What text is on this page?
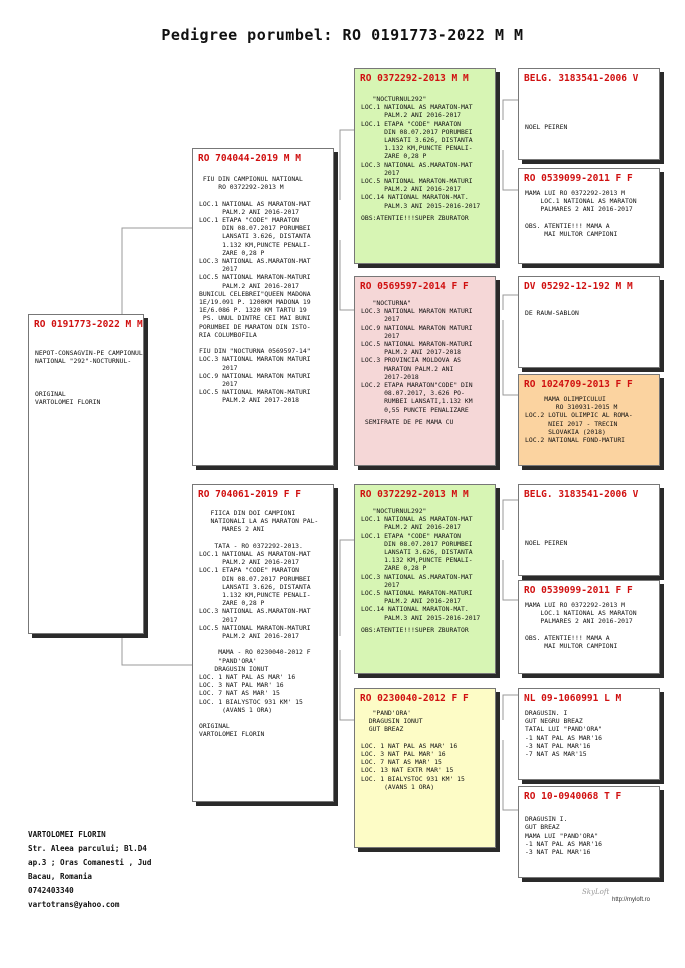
Pedigree porumbel: RO 0191773-2022 M M
RO 0191773-2022 M M
NEPOT-CONSAGVIN-PE CAMPIONUL
NATIONAL "292"-NOCTURNUL-

ORIGINAL
VARTOLOMEI FLORIN
RO 704044-2019 M M
FIU DIN CAMPIONUL NATIONAL
RO 0372292-2013 M

LOC.1 NATIONAL AS MARATON-MAT
PALM.2 ANI 2016-2017
LOC.1 ETAPA "CODE" MARATON
DIN 08.07.2017 PORUMBEI
LANSATI 3.626, DISTANTA
1.132 KM,PUNCTE PENALI-
ZARE 0,28 P
LOC.3 NATIONAL AS.MARATON-MAT
2017
LOC.5 NATIONAL MARATON-MATURI
PALM.2 ANI 2016-2017
BUNICUL CELEBREI"QUEEN MADONA
1E/19.091 P. 1200KM MADONA 19
1E/6.086 P. 1320 KM TARTU 19
PS. UNUL DINTRE CEI MAI BUNI
PORUMBEI DE MARATON DIN ISTO-
RIA COLUMBOFILA

FIU DIN "NOCTURNA 0569597-14"
LOC.3 NATIONAL MARATON MATURI
2017
LOC.9 NATIONAL MARATON MATURI
2017
LOC.5 NATIONAL MARATON-MATURI
PALM.2 ANI 2017-2018
RO 704061-2019 F F
FIICA DIN DOI CAMPIONI
NATIONALI LA AS MARATON PAL-
MARES 2 ANI

TATA - RO 0372292-2013.
LOC.1 NATIONAL AS MARATON-MAT
PALM.2 ANI 2016-2017
LOC.1 ETAPA "CODE" MARATON
DIN 08.07.2017 PORUMBEI
LANSATI 3.626, DISTANTA
1.132 KM,PUNCTE PENALI-
ZARE 0,28 P
LOC.3 NATIONAL AS.MARATON-MAT
2017
LOC.5 NATIONAL MARATON-MATURI
PALM.2 ANI 2016-2017

MAMA - RO 0230040-2012 F
"PAND'ORA'
DRAGUSIN IONUT
LOC. 1 NAT PAL AS MAR' 16
LOC. 3 NAT PAL MAR' 16
LOC. 7 NAT AS MAR' 15
LOC. 1 BIALYSTOC 931 KM' 15
(AVANS 1 ORA)

ORIGINAL
VARTOLOMEI FLORIN
RO 0372292-2013 M M
"NOCTURNUL292"
LOC.1 NATIONAL AS MARATON-MAT
PALM.2 ANI 2016-2017
LOC.1 ETAPA "CODE" MARATON
DIN 08.07.2017 PORUMBEI
LANSATI 3.626, DISTANTA
1.132 KM,PUNCTE PENALI-
ZARE 0,28 P
LOC.3 NATIONAL AS.MARATON-MAT
2017
LOC.5 NATIONAL MARATON-MATURI
PALM.2 ANI 2016-2017
LOC.14 NATIONAL MARATON-MAT.
PALM.3 ANI 2015-2016-2017
OBS:ATENTIE!!!SUPER ZBURATOR
RO 0569597-2014 F F
"NOCTURNA"
LOC.3 NATIONAL MARATON MATURI
2017
LOC.9 NATIONAL MARATON MATURI
2017
LOC.5 NATIONAL MARATON-MATURI
PALM.2 ANI 2017-2018
LOC.3 PROVINCIA MOLDOVA AS
MARATON PALM.2 ANI
2017-2018
LOC.2 ETAPA MARATON"CODE" DIN
08.07.2017, 3.626 PO-
RUMBEI LANSATI,1.132 KM
0,55 PUNCTE PENALIZARE
SEMIFRATE DE PE MAMA CU
RO 0372292-2013 M M
"NOCTURNUL292"
LOC.1 NATIONAL AS MARATON-MAT
PALM.2 ANI 2016-2017
LOC.1 ETAPA "CODE" MARATON
DIN 08.07.2017 PORUMBEI
LANSATI 3.626, DISTANTA
1.132 KM,PUNCTE PENALI-
ZARE 0,28 P
LOC.3 NATIONAL AS.MARATON-MAT
2017
LOC.5 NATIONAL MARATON-MATURI
PALM.2 ANI 2016-2017
LOC.14 NATIONAL MARATON-MAT.
PALM.3 ANI 2015-2016-2017
OBS:ATENTIE!!!SUPER ZBURATOR
RO 0230040-2012 F F
"PAND'ORA'
DRAGUSIN IONUT
GUT BREAZ

LOC. 1 NAT PAL AS MAR' 16
LOC. 3 NAT PAL MAR' 16
LOC. 7 NAT AS MAR' 15
LOC. 13 NAT EXTR MAR' 15
LOC. 1 BIALYSTOC 931 KM' 15
(AVANS 1 ORA)
BELG. 3183541-2006 V

NOEL PEIREN
RO 0539099-2011 F F
MAMA LUI RO 0372292-2013 M
LOC.1 NATIONAL AS MARATON
PALMARES 2 ANI 2016-2017

OBS. ATENTIE!!! MAMA A
MAI MULTOR CAMPIONI
DV 05292-12-192 M M

DE RAUW-SABLON
RO 1024709-2013 F F
MAMA OLIMPICULUI
RO 310931-2015 M
LOC.2 LOTUL OLIMPIC AL ROMA-
NIEI 2017 - TRECIN
SLOVAKIA (2018)
LOC.2 NATIONAL FOND-MATURI
BELG. 3183541-2006 V

NOEL PEIREN
RO 0539099-2011 F F
MAMA LUI RO 0372292-2013 M
LOC.1 NATIONAL AS MARATON
PALMARES 2 ANI 2016-2017

OBS. ATENTIE!!! MAMA A
MAI MULTOR CAMPIONI
NL 09-1060991 L M
DRAGUSIN. I
GUT NEGRU BREAZ
TATAL LUI "PAND'ORA"
-1 NAT PAL AS MAR'16
-3 NAT PAL MAR'16
-7 NAT AS MAR'15
RO 10-0940068 T F

DRAGUSIN I.
GUT BREAZ
MAMA LUI "PAND'ORA"
-1 NAT PAL AS MAR'16
-3 NAT PAL MAR'16
VARTOLOMEI FLORIN
Str. Aleea parcului; Bl.D4
ap.3 ; Oras Comanesti , Jud
Bacau, Romania
0742403340
vartotrans@yahoo.com
SkyLoft
http://myloft.ro
